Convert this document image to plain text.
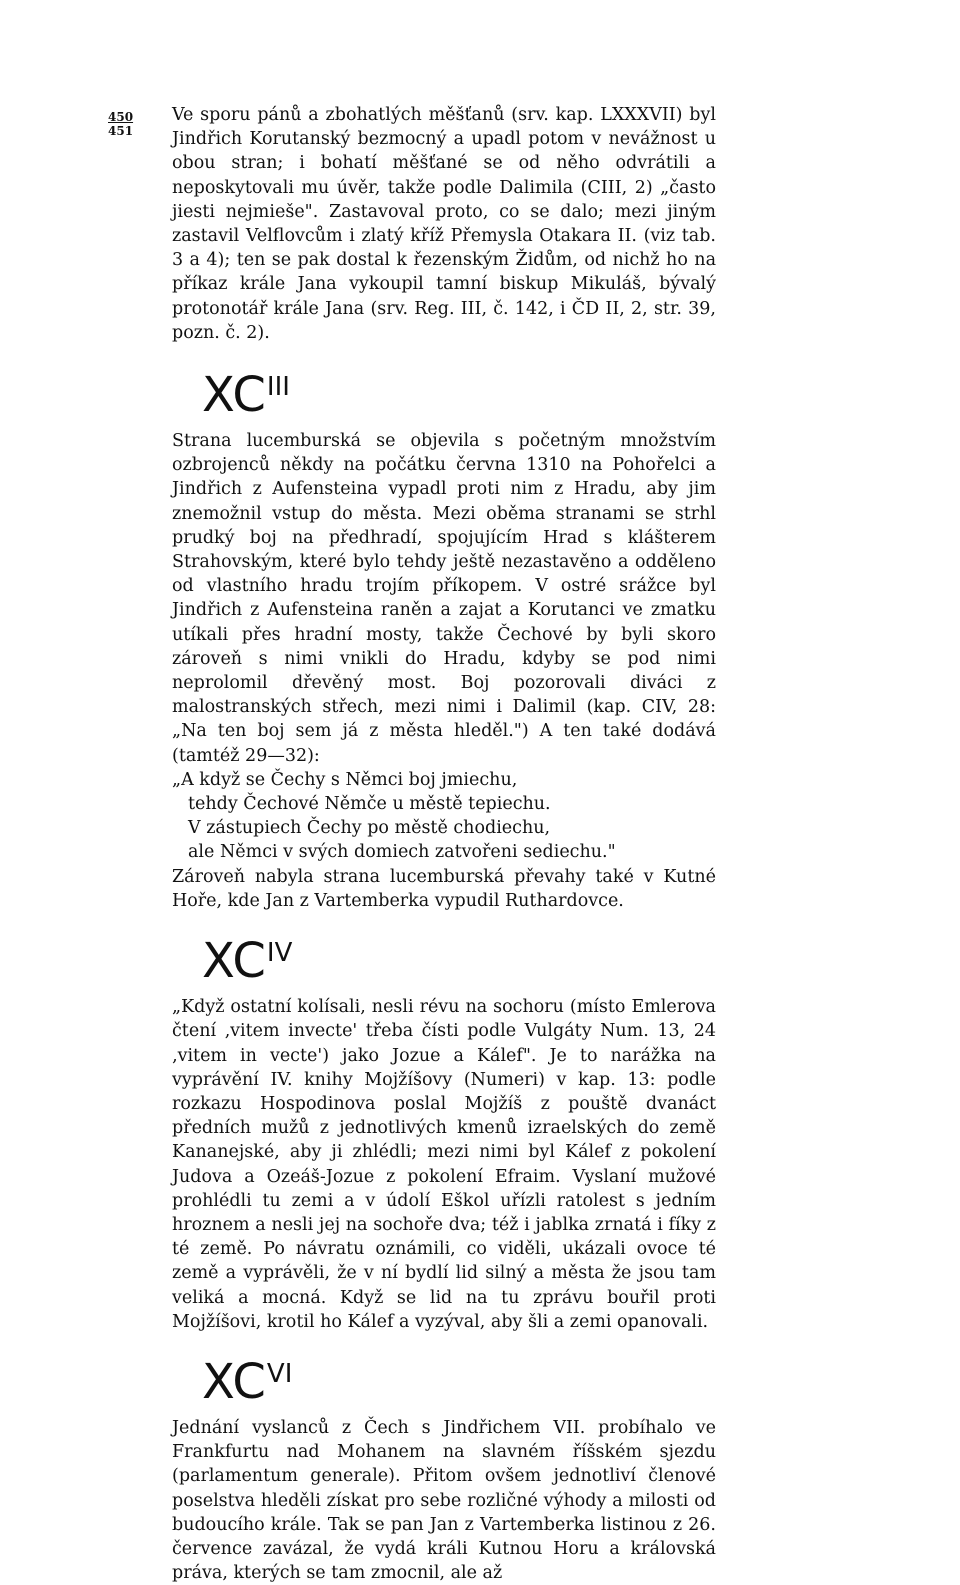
450
451

Ve sporu pánů a zbohatlých měšťanů (srv. kap. LXXXVII) byl Jindřich Korutanský bezmocný a upadl potom v nevážnost u obou stran; i bohatí měšťané se od něho odvrátili a neposkytovali mu úvěr, takže podle Dalimila (CIII, 2) „často jiesti nejmieše". Zastavoval proto, co se dalo; mezi jiným zastavil Velflovcům i zlatý kříž Přemysla Otakara II. (viz tab. 3 a 4); ten se pak dostal k řezenským Židům, od nichž ho na příkaz krále Jana vykoupil tamní biskup Mikuláš, bývalý protonotář krále Jana (srv. Reg. III, č. 142, i ČD II, 2, str. 39, pozn. č. 2).

$XC^{III}$

Strana lucemburská se objevila s početným množstvím ozbrojenců někdy na počátku června 1310 na Pohořelci a Jindřich z Aufensteina vypadl proti nim z Hradu, aby jim znemožnil vstup do města. Mezi oběma stranami se strhl prudký boj na předhradí, spojujícím Hrad s klášterem Strahovským, které bylo tehdy ještě nezastavěno a odděleno od vlastního hradu trojím příkopem. V ostré srážce byl Jindřich z Aufensteina raněn a zajat a Korutanci ve zmatku utíkali přes hradní mosty, takže Čechové by byli skoro zároveň s nimi vnikli do Hradu, kdyby se pod nimi neprolomil dřevěný most. Boj pozorovali diváci z malostranských střech, mezi nimi i Dalimil (kap. CIV, 28: „Na ten boj sem já z města hleděl.") A ten také dodává (tamtéž 29—32):

„A když se Čechy s Němci boj jmiechu,
tehdy Čechové Němče u městě tepiechu.
V zástupiech Čechy po městě chodiechu,
ale Němci v svých domiech zatvořeni sediechu."

Zároveň nabyla strana lucemburská převahy také v Kutné Hoře, kde Jan z Vartemberka vypudil Ruthardovce.

$XC^{IV}$

„Když ostatní kolísali, nesli révu na sochoru (místo Emlerova čtení ‚vitem invecte' třeba čísti podle Vulgáty Num. 13, 24 ‚vitem in vecte') jako Jozue a Kálef". Je to narážka na vyprávění IV. knihy Mojžíšovy (Numeri) v kap. 13: podle rozkazu Hospodinova poslal Mojžíš z pouště dvanáct předních mužů z jednotlivých kmenů izraelských do země Kananejské, aby ji zhlédli; mezi nimi byl Kálef z pokolení Judova a Ozeáš-Jozue z pokolení Efraim. Vyslaní mužové prohlédli tu zemi a v údolí Eškol uřízli ratolest s jedním hroznem a nesli jej na sochoře dva; též i jablka zrnatá i fíky z té země. Po návratu oznámili, co viděli, ukázali ovoce té země a vyprávěli, že v ní bydlí lid silný a města že jsou tam veliká a mocná. Když se lid na tu zprávu bouřil proti Mojžíšovi, krotil ho Kálef a vyzýval, aby šli a zemi opanovali.

$XC^{VI}$

Jednání vyslanců z Čech s Jindřichem VII. probíhalo ve Frankfurtu nad Mohanem na slavném říšském sjezdu (parlamentum generale). Přitom ovšem jednotliví členové poselstva hleděli získat pro sebe rozličné výhody a milosti od budoucího krále. Tak se pan Jan z Vartemberka listinou z 26. července zavázal, že vydá králi Kutnou Horu a královská práva, kterých se tam zmocnil, ale až
